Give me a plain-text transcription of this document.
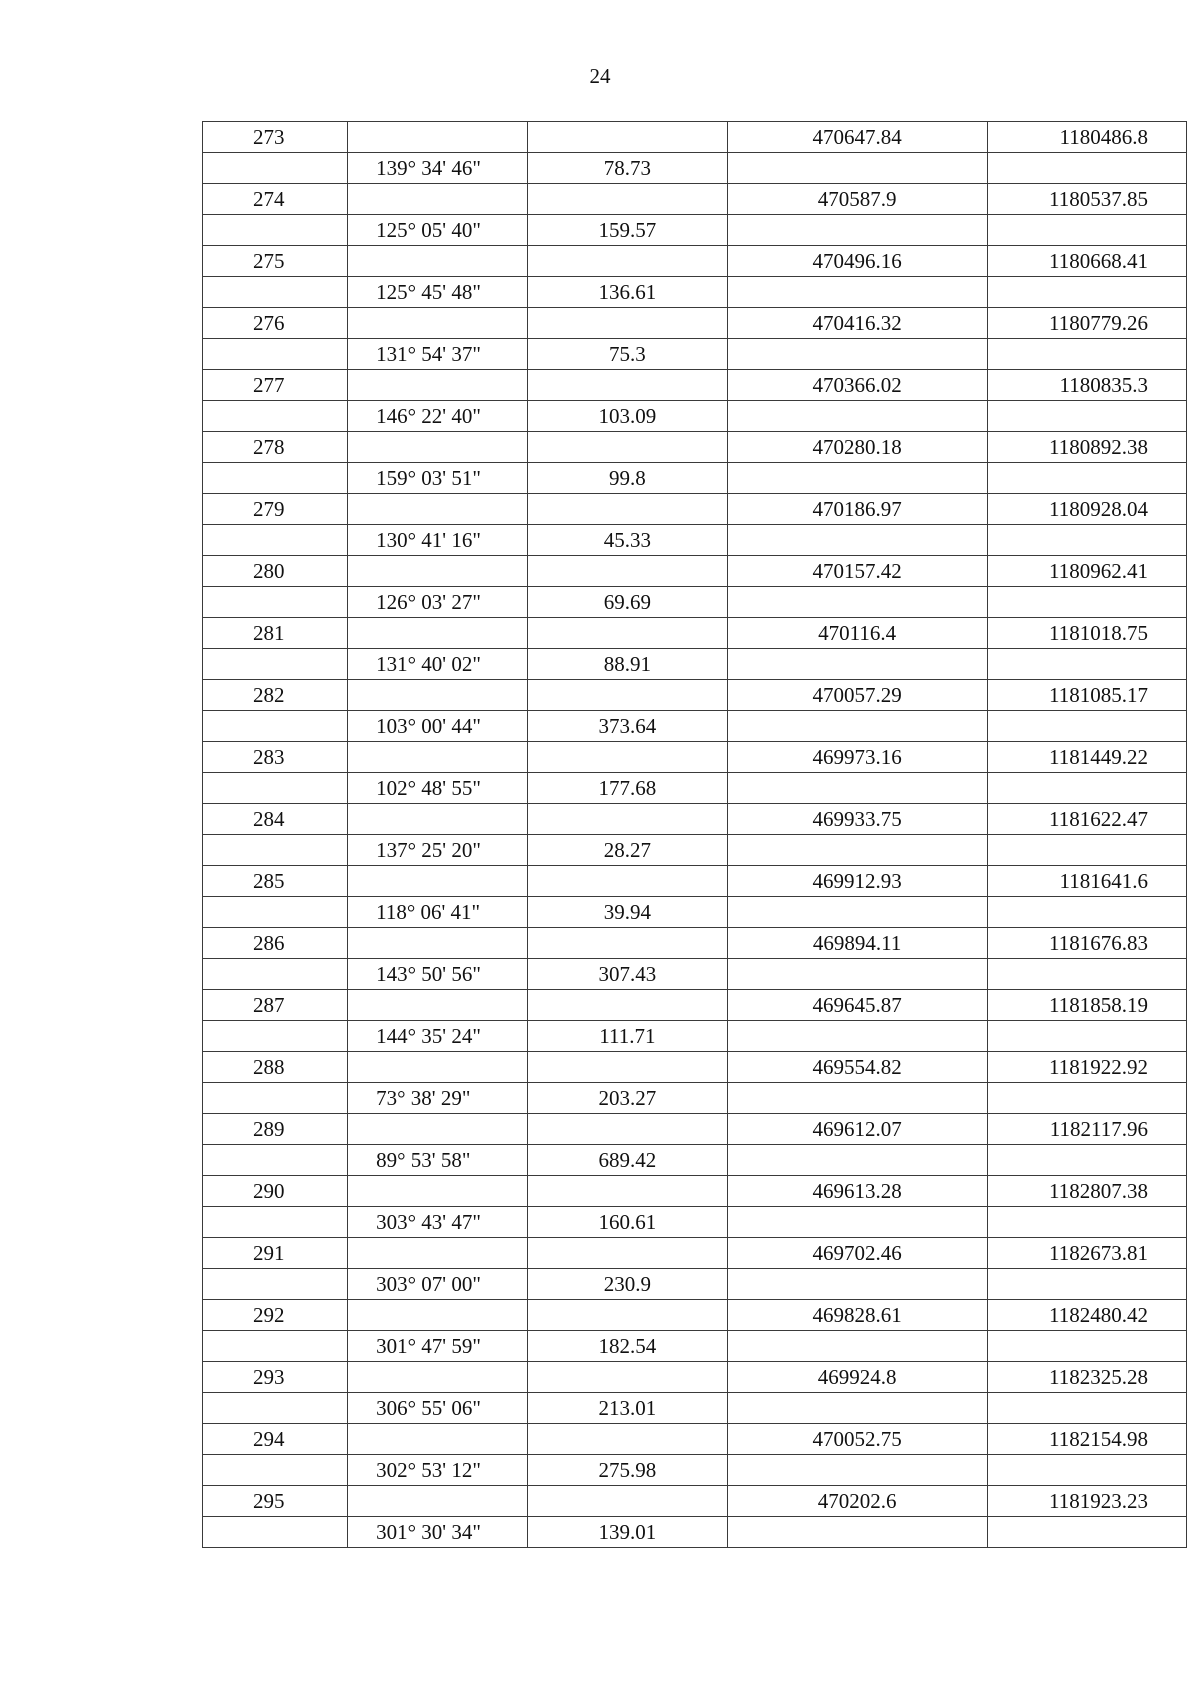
24
273			470647.84	1180486.8
	139° 34' 46"	78.73		
274			470587.9	1180537.85
	125° 05' 40"	159.57		
275			470496.16	1180668.41
	125° 45' 48"	136.61		
276			470416.32	1180779.26
	131° 54' 37"	75.3		
277			470366.02	1180835.3
	146° 22' 40"	103.09		
278			470280.18	1180892.38
	159° 03' 51"	99.8		
279			470186.97	1180928.04
	130° 41' 16"	45.33		
280			470157.42	1180962.41
	126° 03' 27"	69.69		
281			470116.4	1181018.75
	131° 40' 02"	88.91		
282			470057.29	1181085.17
	103° 00' 44"	373.64		
283			469973.16	1181449.22
	102° 48' 55"	177.68		
284			469933.75	1181622.47
	137° 25' 20"	28.27		
285			469912.93	1181641.6
	118° 06' 41"	39.94		
286			469894.11	1181676.83
	143° 50' 56"	307.43		
287			469645.87	1181858.19
	144° 35' 24"	111.71		
288			469554.82	1181922.92
	73° 38' 29"	203.27		
289			469612.07	1182117.96
	89° 53' 58"	689.42		
290			469613.28	1182807.38
	303° 43' 47"	160.61		
291			469702.46	1182673.81
	303° 07' 00"	230.9		
292			469828.61	1182480.42
	301° 47' 59"	182.54		
293			469924.8	1182325.28
	306° 55' 06"	213.01		
294			470052.75	1182154.98
	302° 53' 12"	275.98		
295			470202.6	1181923.23
	301° 30' 34"	139.01		
